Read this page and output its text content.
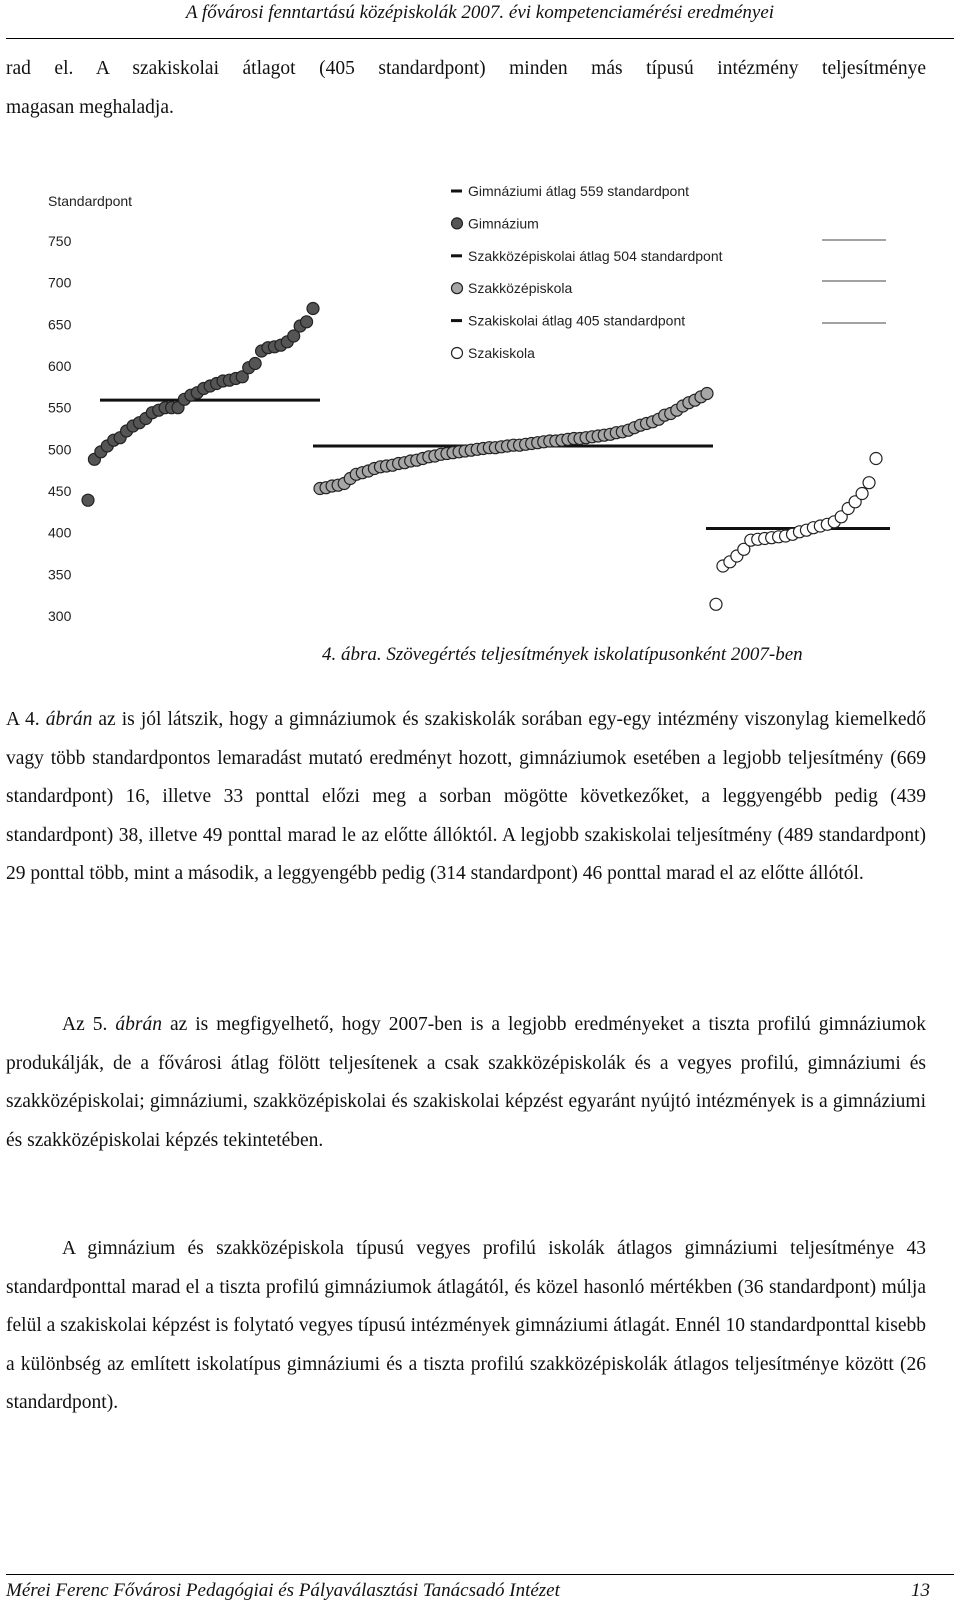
A fővárosi fenntartású középiskolák 2007. évi kompetenciamérési eredményei
rad el. A szakiskolai átlagot (405 standardpont) minden más típusú intézmény teljesítménye
magasan meghaladja.
Standardpont
750
700
650
600
550
500
450
400
350
300
Gimnáziumi átlag 559 standardpont
Gimnázium
Szakközépiskolai átlag 504 standardpont
Szakközépiskola
Szakiskolai átlag 405 standardpont
Szakiskola
4. ábra. Szövegértés teljesítmények iskolatípusonként 2007-ben
A 4. ábrán az is jól látszik, hogy a gimnáziumok és szakiskolák sorában egy-egy intézmény viszonylag kiemelkedő vagy több standardpontos lemaradást mutató eredményt hozott, gimnáziumok esetében a legjobb teljesítmény (669 standardpont) 16, illetve 33 ponttal előzi meg a sorban mögötte következőket, a leggyengébb pedig (439 standardpont) 38, illetve 49 ponttal marad le az előtte állóktól. A legjobb szakiskolai teljesítmény (489 standardpont) 29 ponttal több, mint a második, a leggyengébb pedig (314 standardpont) 46 ponttal marad el az előtte állótól.
Az 5. ábrán az is megfigyelhető, hogy 2007-ben is a legjobb eredményeket a tiszta profilú gimnáziumok produkálják, de a fővárosi átlag fölött teljesítenek a csak szakközépiskolák és a vegyes profilú, gimnáziumi és szakközépiskolai; gimnáziumi, szakközépiskolai és szakiskolai képzést egyaránt nyújtó intézmények is a gimnáziumi és szakközépiskolai képzés tekintetében.
A gimnázium és szakközépiskola típusú vegyes profilú iskolák átlagos gimnáziumi teljesítménye 43 standardponttal marad el a tiszta profilú gimnáziumok átlagától, és közel hasonló mértékben (36 standardpont) múlja felül a szakiskolai képzést is folytató vegyes típusú intézmények gimnáziumi átlagát. Ennél 10 standardponttal kisebb a különbség az említett iskolatípus gimnáziumi és a tiszta profilú szakközépiskolák átlagos teljesítménye között (26 standardpont).
Mérei Ferenc Fővárosi Pedagógiai és Pályaválasztási Tanácsadó Intézet	13
